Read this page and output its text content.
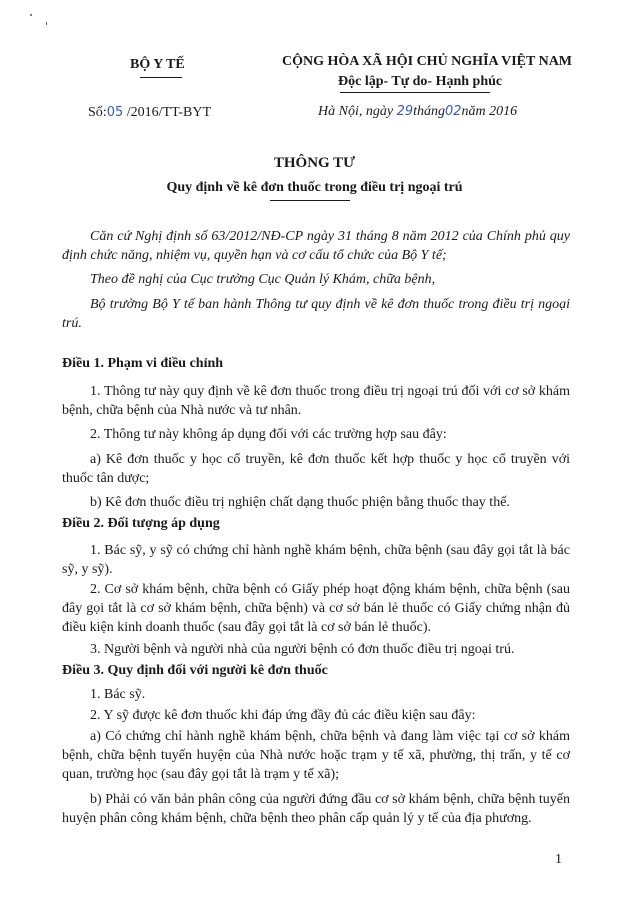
BỘ Y TẾ	CỘNG HÒA XÃ HỘI CHỦ NGHĨA VIỆT NAM
Độc lập- Tự do- Hạnh phúc
Số:05 /2016/TT-BYT	Hà Nội, ngày 29tháng02năm 2016
THÔNG TƯ
Quy định về kê đơn thuốc trong điều trị ngoại trú
Căn cứ Nghị định số 63/2012/NĐ-CP ngày 31 tháng 8 năm 2012 của Chính phủ quy định chức năng, nhiệm vụ, quyền hạn và cơ cấu tổ chức của Bộ Y tế;
Theo đề nghị của Cục trưởng Cục Quản lý Khám, chữa bệnh,
Bộ trưởng Bộ Y tế ban hành Thông tư quy định về kê đơn thuốc trong điều trị ngoại trú.
Điều 1. Phạm vi điều chỉnh
1. Thông tư này quy định về kê đơn thuốc trong điều trị ngoại trú đối với cơ sở khám bệnh, chữa bệnh của Nhà nước và tư nhân.
2. Thông tư này không áp dụng đối với các trường hợp sau đây:
a) Kê đơn thuốc y học cổ truyền, kê đơn thuốc kết hợp thuốc y học cổ truyền với thuốc tân dược;
b) Kê đơn thuốc điều trị nghiện chất dạng thuốc phiện bằng thuốc thay thế.
Điều 2. Đối tượng áp dụng
1. Bác sỹ, y sỹ có chứng chỉ hành nghề khám bệnh, chữa bệnh (sau đây gọi tắt là bác sỹ, y sỹ).
2. Cơ sở khám bệnh, chữa bệnh có Giấy phép hoạt động khám bệnh, chữa bệnh (sau đây gọi tắt là cơ sở khám bệnh, chữa bệnh) và cơ sở bán lẻ thuốc có Giấy chứng nhận đủ điều kiện kinh doanh thuốc (sau đây gọi tắt là cơ sở bán lẻ thuốc).
3. Người bệnh và người nhà của người bệnh có đơn thuốc điều trị ngoại trú.
Điều 3. Quy định đối với người kê đơn thuốc
1. Bác sỹ.
2. Y sỹ được kê đơn thuốc khi đáp ứng đầy đủ các điều kiện sau đây:
a) Có chứng chỉ hành nghề khám bệnh, chữa bệnh và đang làm việc tại cơ sở khám bệnh, chữa bệnh tuyến huyện của Nhà nước hoặc trạm y tế xã, phường, thị trấn, y tế cơ quan, trường học (sau đây gọi tắt là trạm y tế xã);
b) Phải có văn bản phân công của người đứng đầu cơ sở khám bệnh, chữa bệnh tuyến huyện phân công khám bệnh, chữa bệnh theo phân cấp quản lý y tế của địa phương.
1
